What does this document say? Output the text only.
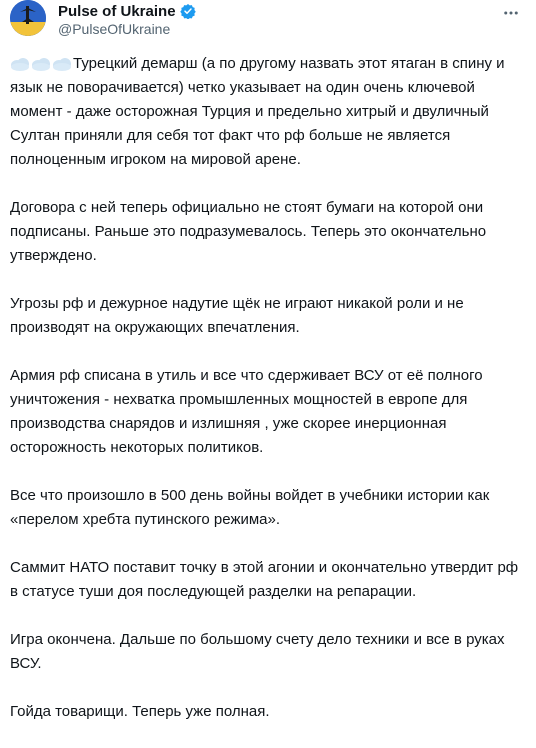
Pulse of Ukraine
@PulseOfUkraine

Турецкий демарш (а по другому назвать этот ятаган в спину и язык не поворачивается) четко указывает на один очень ключевой момент - даже осторожная Турция и предельно хитрый и двуличный Султан приняли для себя тот факт что рф больше не является полноценным игроком на мировой арене.

Договора с ней теперь официально не стоят бумаги на которой они подписаны. Раньше это подразумевалось. Теперь это окончательно утверждено.

Угрозы рф и дежурное надутие щёк не играют никакой роли и не производят на окружающих впечатления.

Армия рф списана в утиль и все что сдерживает ВСУ от её полного уничтожения - нехватка промышленных мощностей в европе для производства снарядов и излишняя , уже скорее инерционная осторожность некоторых политиков.

Все что произошло в 500 день войны войдет в учебники истории как «перелом хребта путинского режима».

Саммит НАТО поставит точку в этой агонии и окончательно утвердит рф в статусе туши доя последующей разделки на репарации.

Игра окончена. Дальше по большому счету дело техники и все в руках ВСУ.

Гойда товарищи. Теперь уже полная.
